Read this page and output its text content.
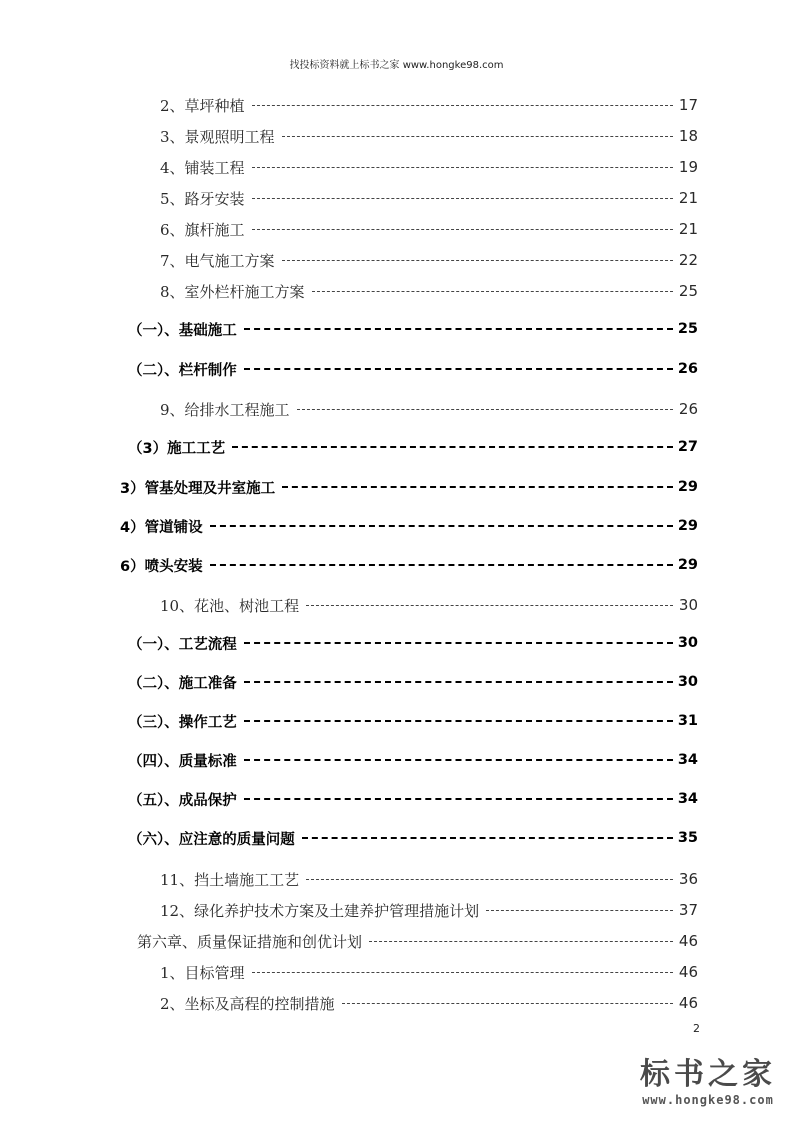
找投标资料就上标书之家 www.hongke98.com
2、草坪种植	17
3、景观照明工程	18
4、铺装工程	19
5、路牙安装	21
6、旗杆施工	21
7、电气施工方案	22
8、室外栏杆施工方案	25
（一）、基础施工	25
（二）、栏杆制作	26
9、给排水工程施工	26
（3）施工工艺	27
3）管基处理及井室施工	29
4）管道铺设	29
6）喷头安装	29
10、花池、树池工程	30
（一）、工艺流程	30
（二）、施工准备	30
（三）、操作工艺	31
（四）、质量标准	34
（五）、成品保护	34
（六）、应注意的质量问题	35
11、挡土墙施工工艺	36
12、绿化养护技术方案及土建养护管理措施计划	37
第六章、质量保证措施和创优计划	46
1、目标管理	46
2、坐标及高程的控制措施	46
2
标书之家
www.hongke98.com
